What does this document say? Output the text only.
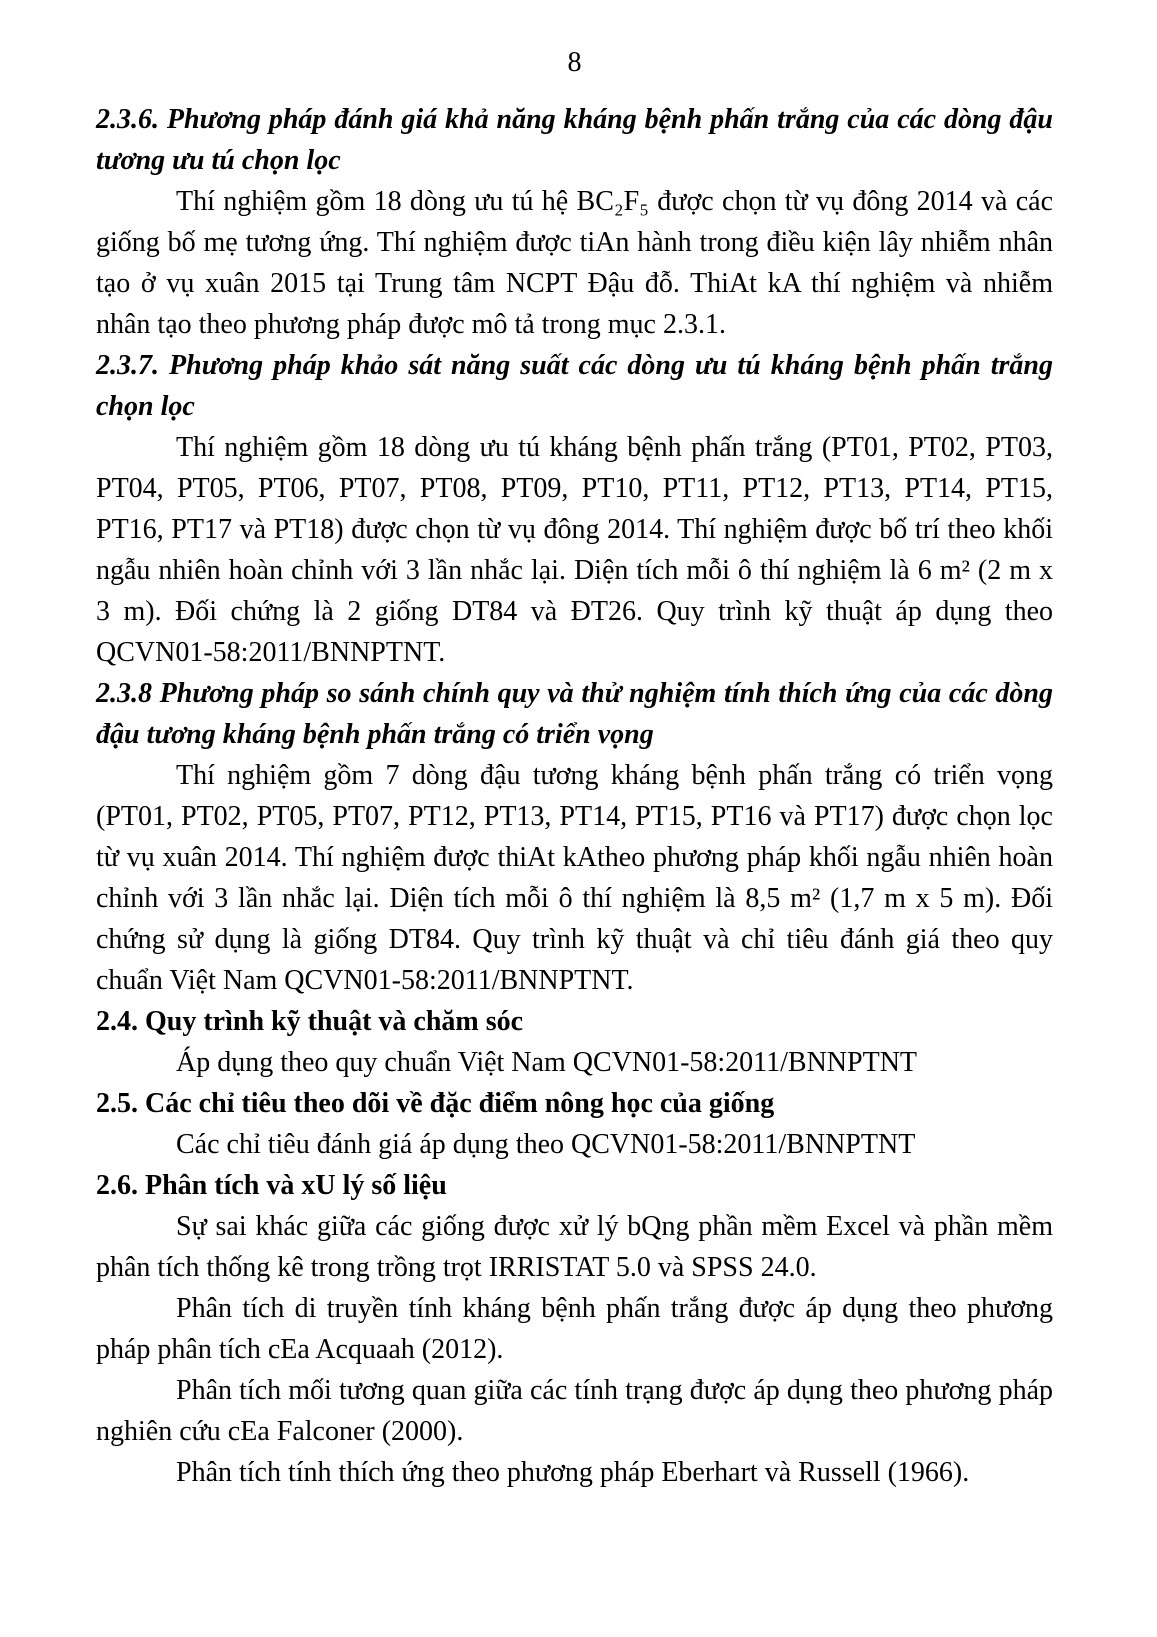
8
2.3.6. Phương pháp đánh giá khả năng kháng bệnh phấn trắng của các dòng đậu tương ưu tú chọn lọc
Thí nghiệm gồm 18 dòng ưu tú hệ BC₂F₅ được chọn từ vụ đông 2014 và các giống bố mẹ tương ứng. Thí nghiệm được tiAn hành trong điều kiện lây nhiễm nhân tạo ở vụ xuân 2015 tại Trung tâm NCPT Đậu đỗ. ThiAt kA thí nghiệm và nhiễm nhân tạo theo phương pháp được mô tả trong mục 2.3.1.
2.3.7. Phương pháp khảo sát năng suất các dòng ưu tú kháng bệnh phấn trắng chọn lọc
Thí nghiệm gồm 18 dòng ưu tú kháng bệnh phấn trắng (PT01, PT02, PT03, PT04, PT05, PT06, PT07, PT08, PT09, PT10, PT11, PT12, PT13, PT14, PT15, PT16, PT17 và PT18) được chọn từ vụ đông 2014. Thí nghiệm được bố trí theo khối ngẫu nhiên hoàn chỉnh với 3 lần nhắc lại. Diện tích mỗi ô thí nghiệm là 6 m² (2 m x 3 m). Đối chứng là 2 giống DT84 và ĐT26. Quy trình kỹ thuật áp dụng theo QCVN01-58:2011/BNNPTNT.
2.3.8 Phương pháp so sánh chính quy và thử nghiệm tính thích ứng của các dòng đậu tương kháng bệnh phấn trắng có triển vọng
Thí nghiệm gồm 7 dòng đậu tương kháng bệnh phấn trắng có triển vọng (PT01, PT02, PT05, PT07, PT12, PT13, PT14, PT15, PT16 và PT17) được chọn lọc từ vụ xuân 2014. Thí nghiệm được thiAt kAtheo phương pháp khối ngẫu nhiên hoàn chỉnh với 3 lần nhắc lại. Diện tích mỗi ô thí nghiệm là 8,5 m² (1,7 m x 5 m). Đối chứng sử dụng là giống DT84. Quy trình kỹ thuật và chỉ tiêu đánh giá theo quy chuẩn Việt Nam QCVN01-58:2011/BNNPTNT.
2.4. Quy trình kỹ thuật và chăm sóc
Áp dụng theo quy chuẩn Việt Nam QCVN01-58:2011/BNNPTNT
2.5. Các chỉ tiêu theo dõi về đặc điểm nông học của giống
Các chỉ tiêu đánh giá áp dụng theo QCVN01-58:2011/BNNPTNT
2.6. Phân tích và xU lý số liệu
Sự sai khác giữa các giống được xử lý bQng phần mềm Excel và phần mềm phân tích thống kê trong trồng trọt IRRISTAT 5.0 và SPSS 24.0.
Phân tích di truyền tính kháng bệnh phấn trắng được áp dụng theo phương pháp phân tích cEa Acquaah (2012).
Phân tích mối tương quan giữa các tính trạng được áp dụng theo phương pháp nghiên cứu cEa Falconer (2000).
Phân tích tính thích ứng theo phương pháp Eberhart và Russell (1966).
